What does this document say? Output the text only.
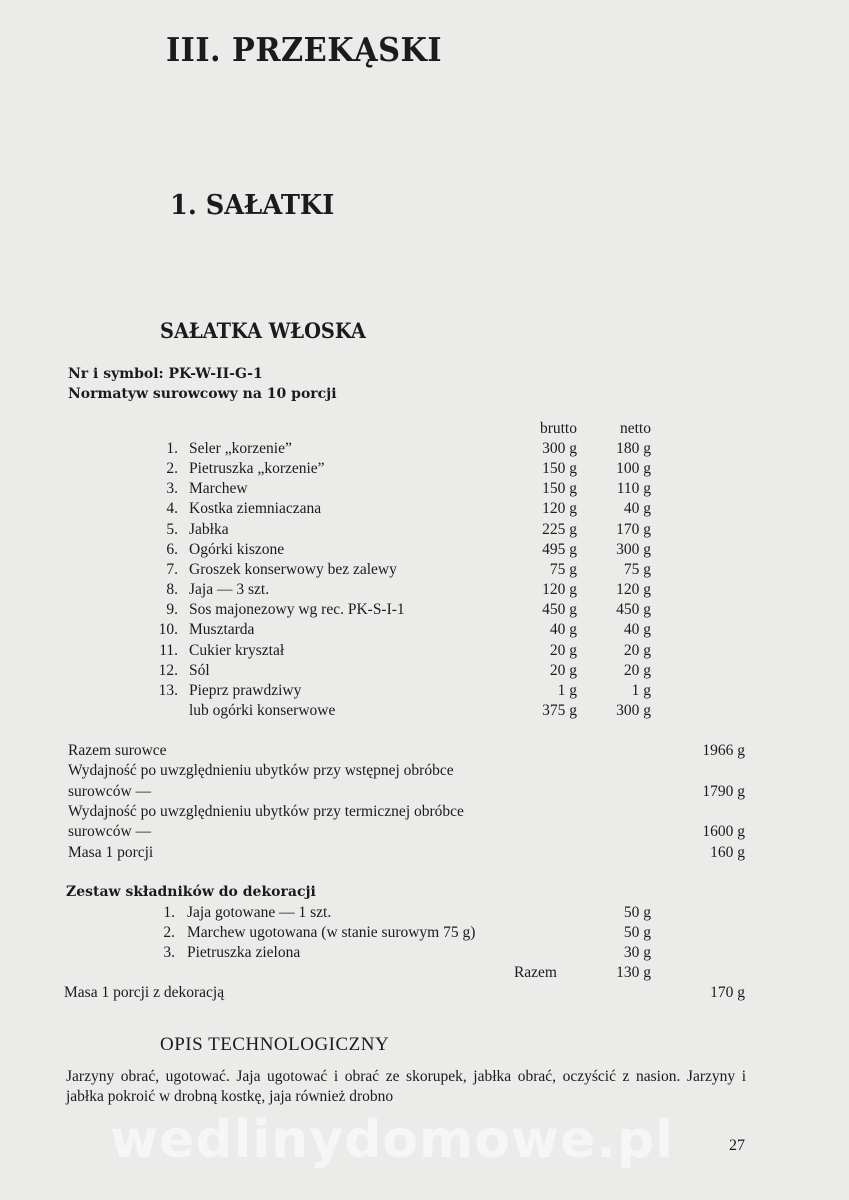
III. PRZEKĄSKI
1. SAŁATKI
SAŁATKA WŁOSKA
Nr i symbol: PK-W-II-G-1
Normatyw surowcowy na 10 porcji
brutto	netto
1. Seler „korzenie”	300 g	180 g
2. Pietruszka „korzenie”	150 g	100 g
3. Marchew	150 g	110 g
4. Kostka ziemniaczana	120 g	40 g
5. Jabłka	225 g	170 g
6. Ogórki kiszone	495 g	300 g
7. Groszek konserwowy bez zalewy	75 g	75 g
8. Jaja — 3 szt.	120 g	120 g
9. Sos majonezowy wg rec. PK-S-I-1	450 g	450 g
10. Musztarda	40 g	40 g
11. Cukier kryształ	20 g	20 g
12. Sól	20 g	20 g
13. Pieprz prawdziwy	1 g	1 g
lub ogórki konserwowe	375 g	300 g
Razem surowce	1966 g
Wydajność po uwzględnieniu ubytków przy wstępnej obróbce
surowców —	1790 g
Wydajność po uwzględnieniu ubytków przy termicznej obróbce
surowców —	1600 g
Masa 1 porcji	160 g
Zestaw składników do dekoracji
1. Jaja gotowane — 1 szt.	50 g
2. Marchew ugotowana (w stanie surowym 75 g)	50 g
3. Pietruszka zielona	30 g
Razem	130 g
Masa 1 porcji z dekoracją	170 g
OPIS TECHNOLOGICZNY
Jarzyny obrać, ugotować. Jaja ugotować i obrać ze skorupek, jabłka obrać, oczyścić z nasion. Jarzyny i jabłka pokroić w drobną kostkę, jaja również drobno
wedlinydomowe.pl	27
